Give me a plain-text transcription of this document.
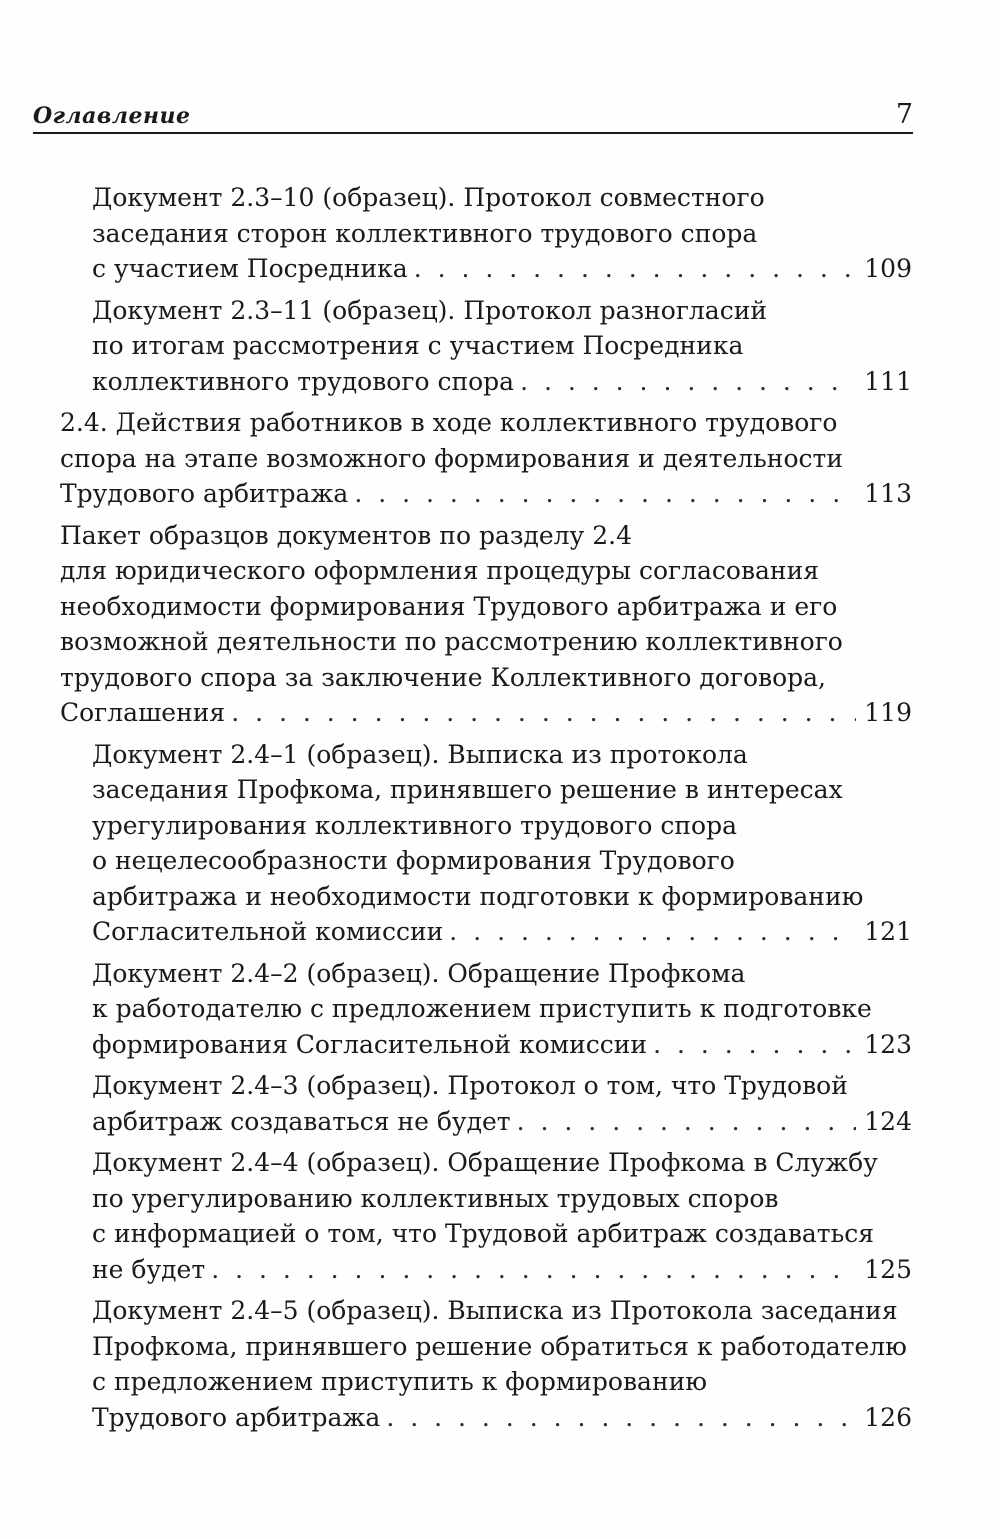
Оглавление	7
Документ 2.3–10 (образец). Протокол совместного
заседания сторон коллективного трудового спора
с участием Посредника . . .	109
Документ 2.3–11 (образец). Протокол разногласий
по итогам рассмотрения с участием Посредника
коллективного трудового спора . . .	111
2.4. Действия работников в ходе коллективного трудового
спора на этапе возможного формирования и деятельности
Трудового арбитража . . .	113
Пакет образцов документов по разделу 2.4
для юридического оформления процедуры согласования
необходимости формирования Трудового арбитража и его
возможной деятельности по рассмотрению коллективного
трудового спора за заключение Коллективного договора,
Соглашения . . .	119
Документ 2.4–1 (образец). Выписка из протокола
заседания Профкома, принявшего решение в интересах
урегулирования коллективного трудового спора
о нецелесообразности формирования Трудового
арбитража и необходимости подготовки к формированию
Согласительной комиссии . . .	121
Документ 2.4–2 (образец). Обращение Профкома
к работодателю с предложением приступить к подготовке
формирования Согласительной комиссии . . .	123
Документ 2.4–3 (образец). Протокол о том, что Трудовой
арбитраж создаваться не будет . . .	124
Документ 2.4–4 (образец). Обращение Профкома в Службу
по урегулированию коллективных трудовых споров
с информацией о том, что Трудовой арбитраж создаваться
не будет . . .	125
Документ 2.4–5 (образец). Выписка из Протокола заседания
Профкома, принявшего решение обратиться к работодателю
с предложением приступить к формированию
Трудового арбитража . . .	126
